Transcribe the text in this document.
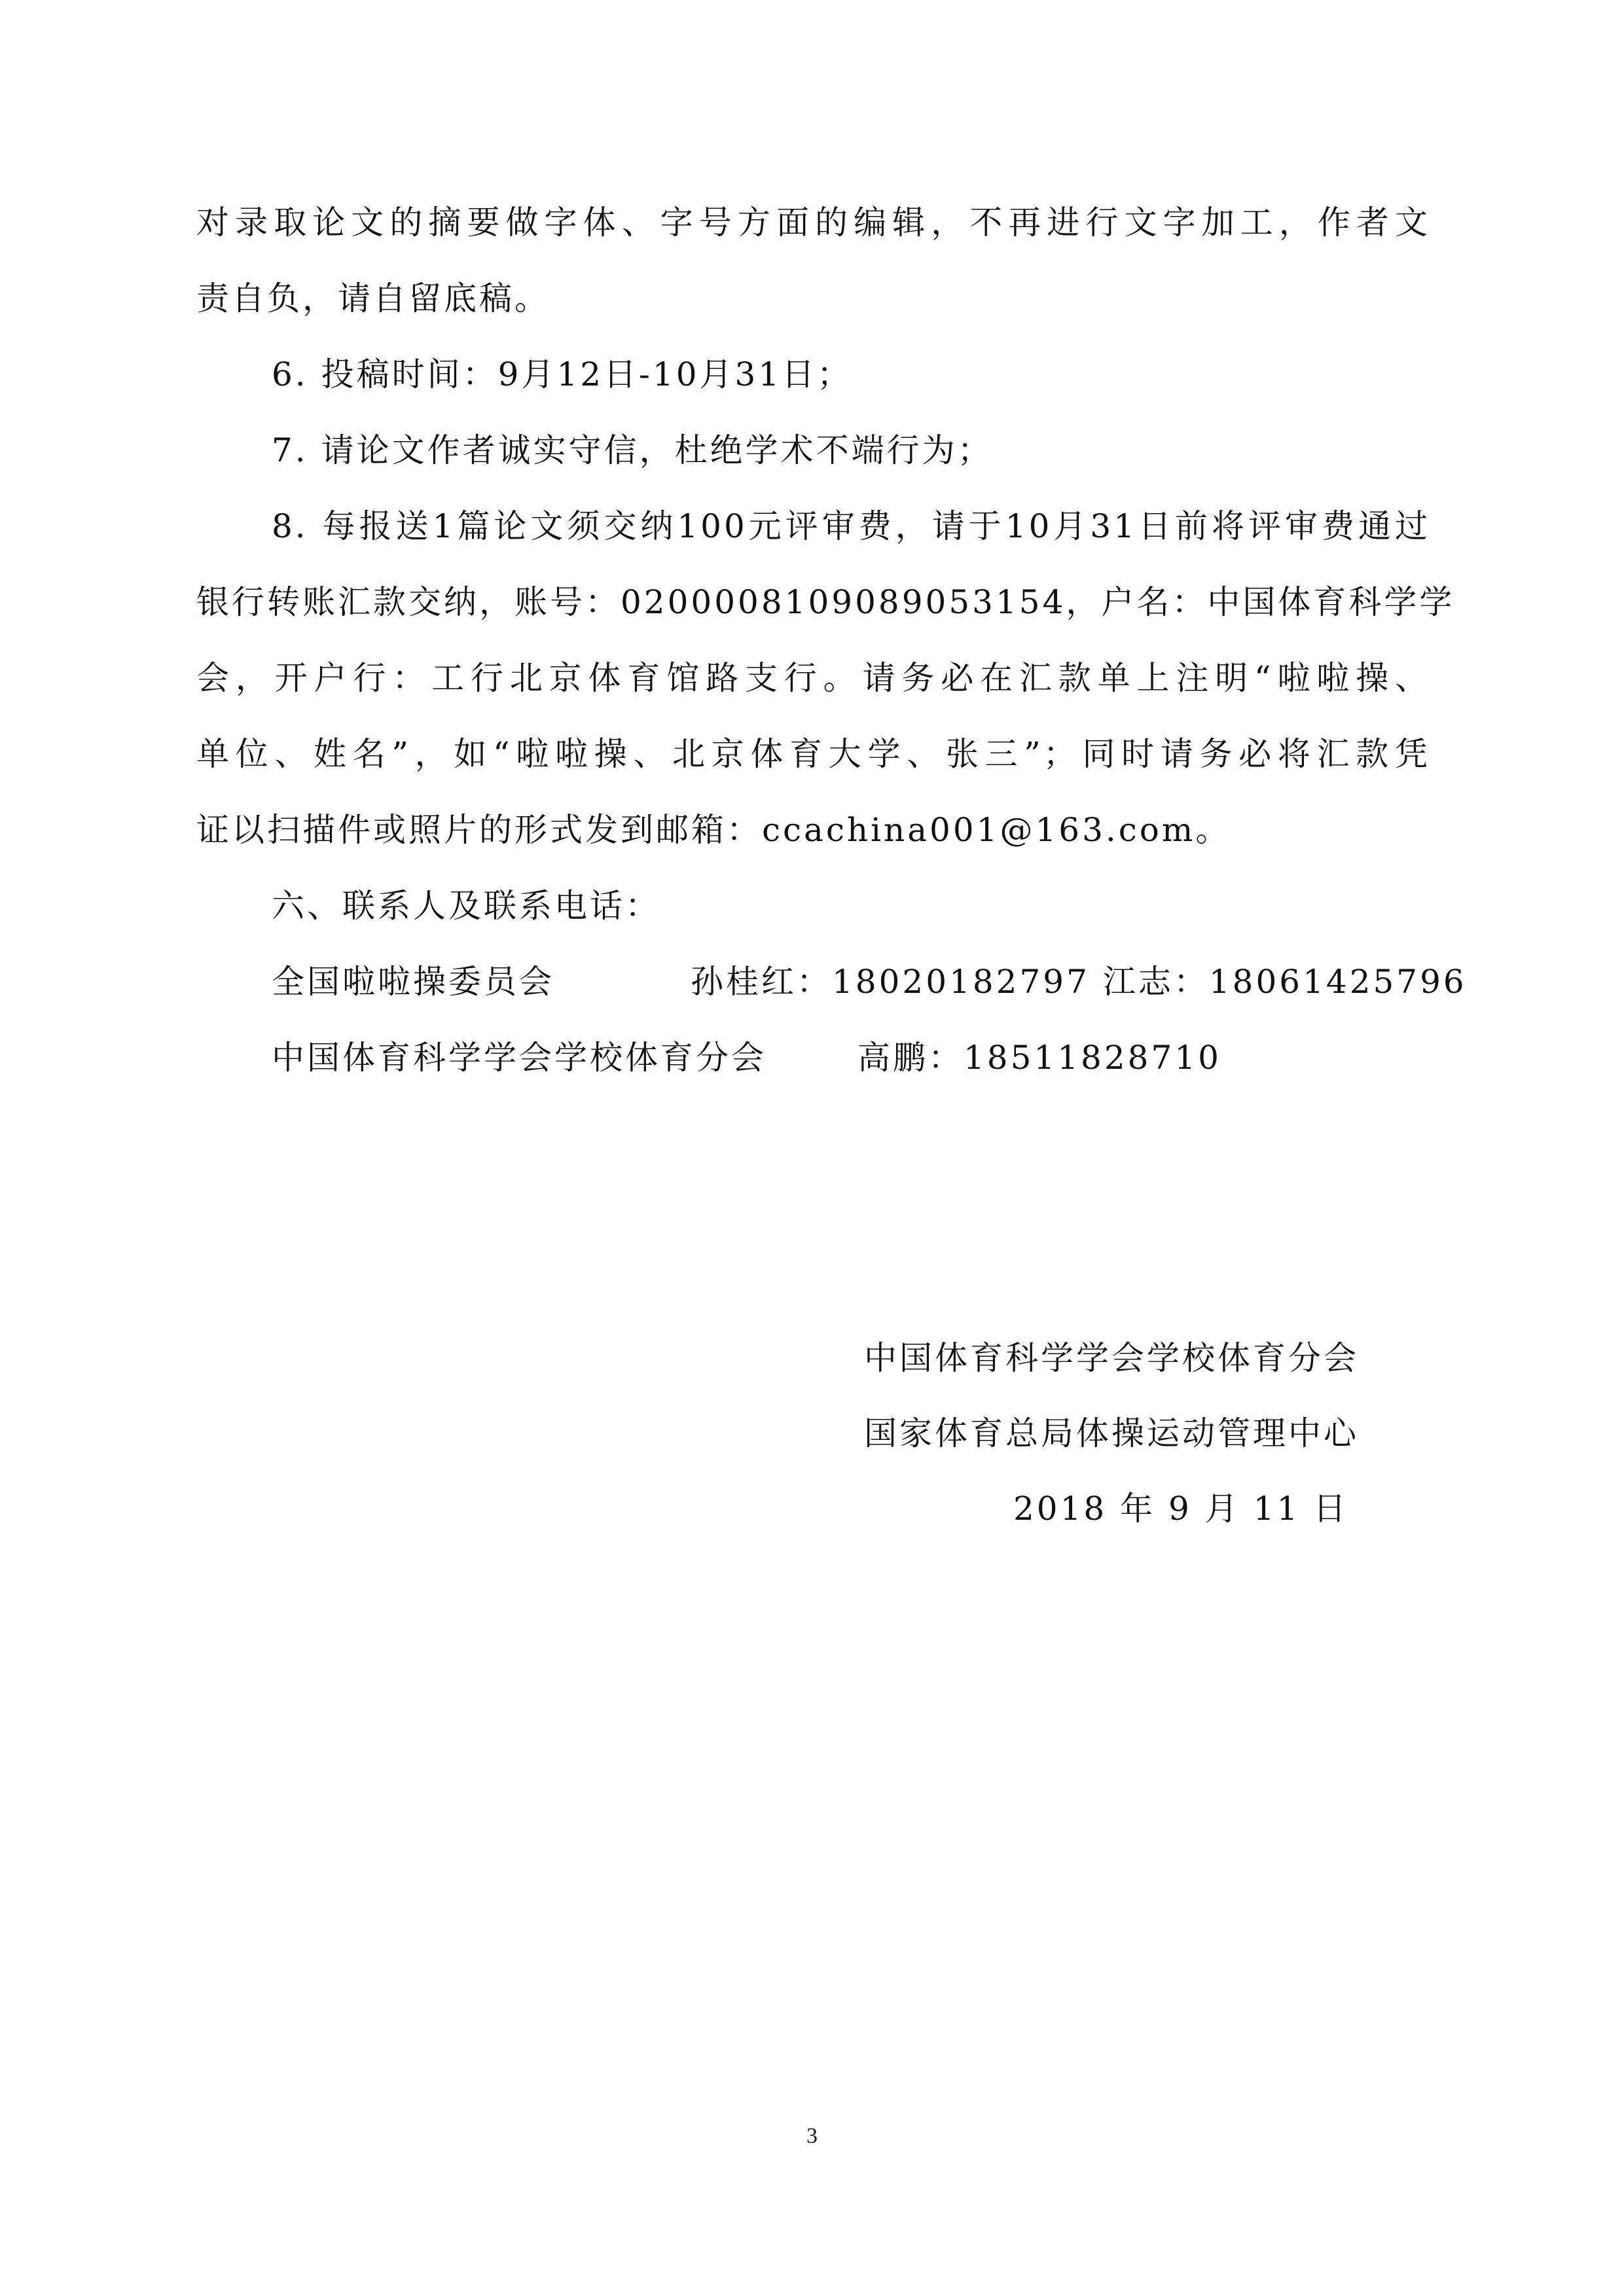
对录取论文的摘要做字体、字号方面的编辑，不再进行文字加工，作者文
责自负，请自留底稿。
6. 投稿时间：9月12日-10月31日；
7. 请论文作者诚实守信，杜绝学术不端行为；
8. 每报送1篇论文须交纳100元评审费，请于10月31日前将评审费通过
银行转账汇款交纳，账号：0200008109089053154，户名：中国体育科学学
会，开户行：工行北京体育馆路支行。请务必在汇款单上注明“啦啦操、
单位、姓名”，如“啦啦操、北京体育大学、张三”；同时请务必将汇款凭
证以扫描件或照片的形式发到邮箱：ccachina001@163.com。
六、联系人及联系电话：
全国啦啦操委员会	孙桂红：18020182797 江志：18061425796
中国体育科学学会学校体育分会	高鹏：18511828710
中国体育科学学会学校体育分会
国家体育总局体操运动管理中心
2018 年 9 月 11 日
3
